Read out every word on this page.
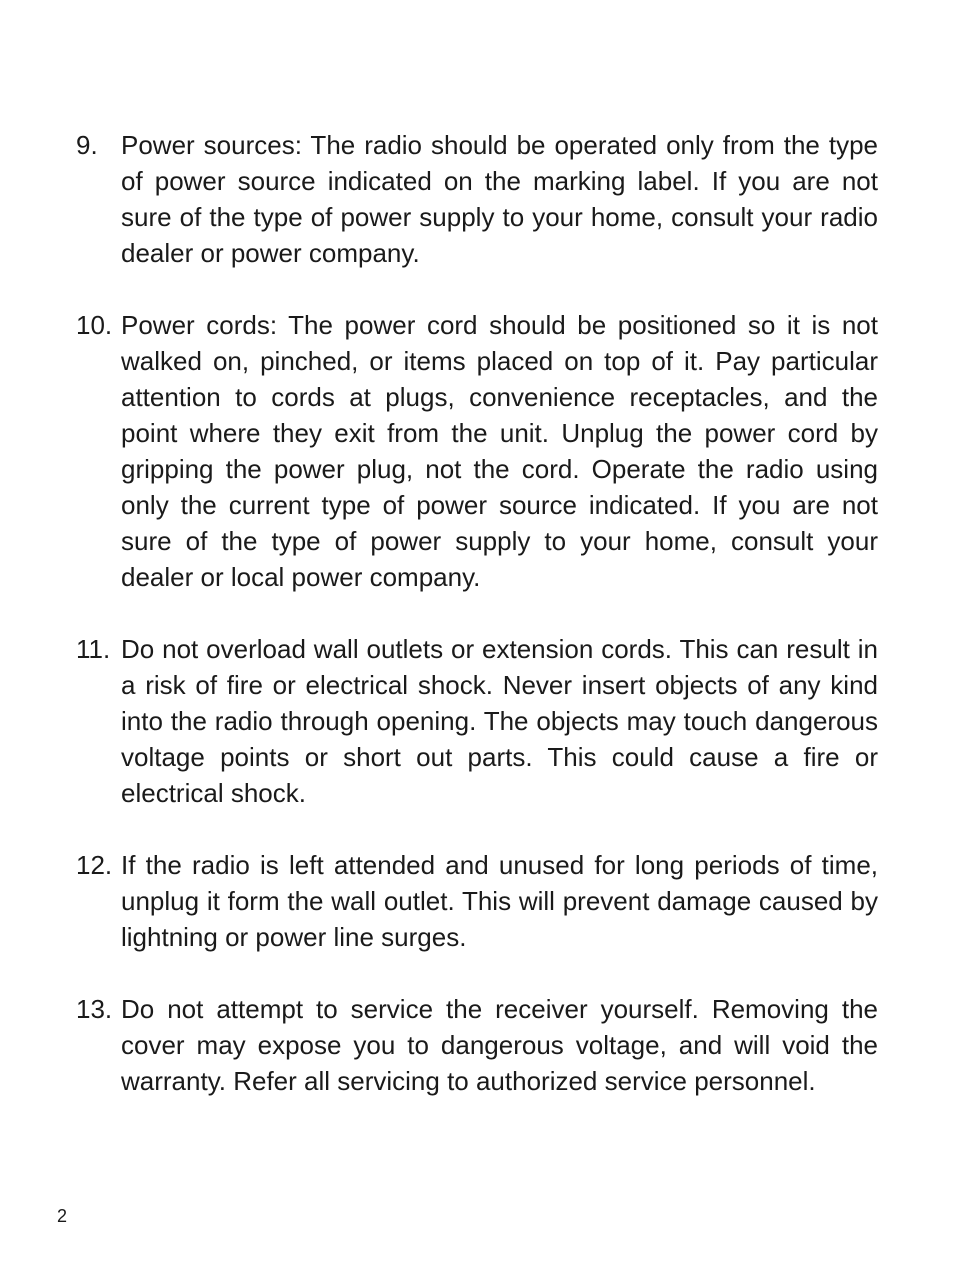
9. Power sources: The radio should be operated only from the type of power source indicated on the marking label. If you are not sure of the type of power supply to your home, consult your radio dealer or power company.
10. Power cords: The power cord should be positioned so it is not walked on, pinched, or items placed on top of it. Pay particular attention to cords at plugs, convenience receptacles, and the point where they exit from the unit. Unplug the power cord by gripping the power plug, not the cord. Operate the radio using only the current type of power source indicated. If you are not sure of the type of power supply to your home, consult your dealer or local power company.
11. Do not overload wall outlets or extension cords. This can result in a risk of fire or electrical shock. Never insert objects of any kind into the radio through opening. The objects may touch dangerous voltage points or short out parts. This could cause a fire or electrical shock.
12. If the radio is left attended and unused for long periods of time, unplug it form the wall outlet. This will prevent damage caused by lightning or power line surges.
13. Do not attempt to service the receiver yourself. Removing the cover may expose you to dangerous voltage, and will void the warranty. Refer all servicing to authorized service personnel.
2
